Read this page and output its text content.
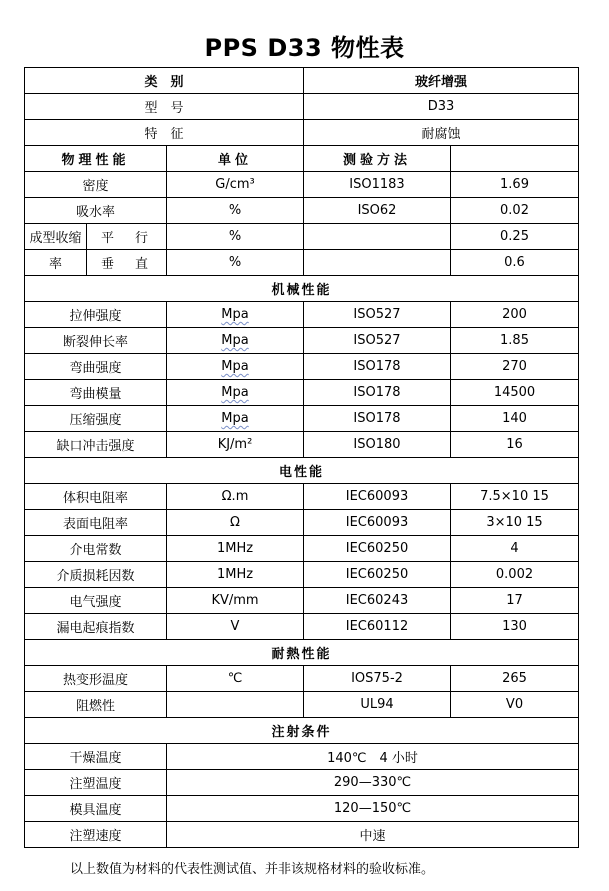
PPS D33 物性表
类　别			玻纤增强	
型　号			D33	
特　征			耐腐蚀	
物理性能		单位	测验方法	
密度		G/cm³	ISO1183	1.69
吸水率		%	ISO62	0.02
成型收缩	平　行	%		0.25
率	垂　直	%		0.6
机械性能				
拉伸强度		Mpa	ISO527	200
断裂伸长率		Mpa	ISO527	1.85
弯曲强度		Mpa	ISO178	270
弯曲模量		Mpa	ISO178	14500
压缩强度		Mpa	ISO178	140
缺口冲击强度		KJ/m²	ISO180	16
电性能				
体积电阻率		Ω.m	IEC60093	7.5×10 15
表面电阻率		Ω	IEC60093	3×10 15
介电常数		1MHz	IEC60250	4
介质损耗因数		1MHz	IEC60250	0.002
电气强度		KV/mm	IEC60243	17
漏电起痕指数		V	IEC60112	130
耐熱性能				
热变形温度		℃	IOS75-2	265
阻燃性			UL94	V0
注射条件				
干燥温度		140℃　4 小时		
注塑温度		290—330℃		
模具温度		120—150℃		
注塑速度		中速		
以上数值为材料的代表性测试值、并非该规格材料的验收标准。
